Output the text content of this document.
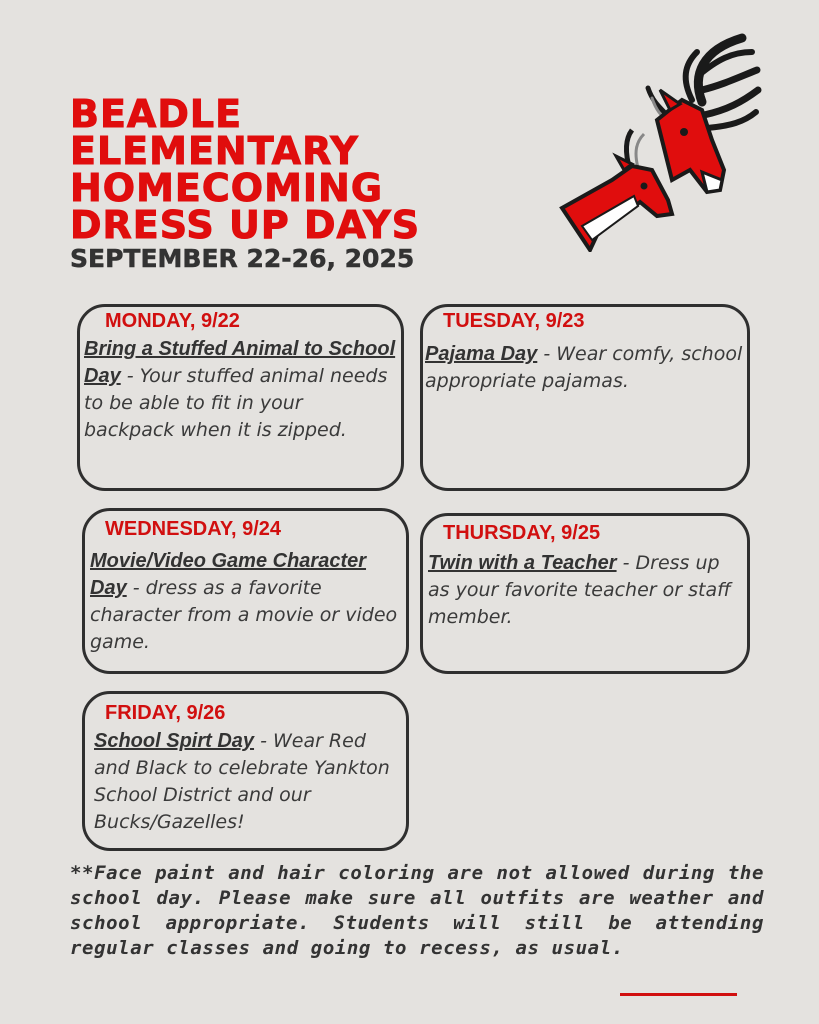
BEADLE
ELEMENTARY
HOMECOMING
DRESS UP DAYS
SEPTEMBER 22-26, 2025
MONDAY, 9/22

Bring a Stuffed Animal to School Day - Your stuffed animal needs to be able to fit in your backpack when it is zipped.

TUESDAY, 9/23

Pajama Day - Wear comfy, school appropriate pajamas.

WEDNESDAY, 9/24

Movie/Video Game Character Day - dress as a favorite character from a movie or video game.

THURSDAY, 9/25

Twin with a Teacher - Dress up as your favorite teacher or staff member.

FRIDAY, 9/26

School Spirt Day - Wear Red and Black to celebrate Yankton School District and our Bucks/Gazelles!

**Face paint and hair coloring are not allowed during the school day. Please make sure all outfits are weather and school appropriate. Students will still be attending regular classes and going to recess, as usual.
